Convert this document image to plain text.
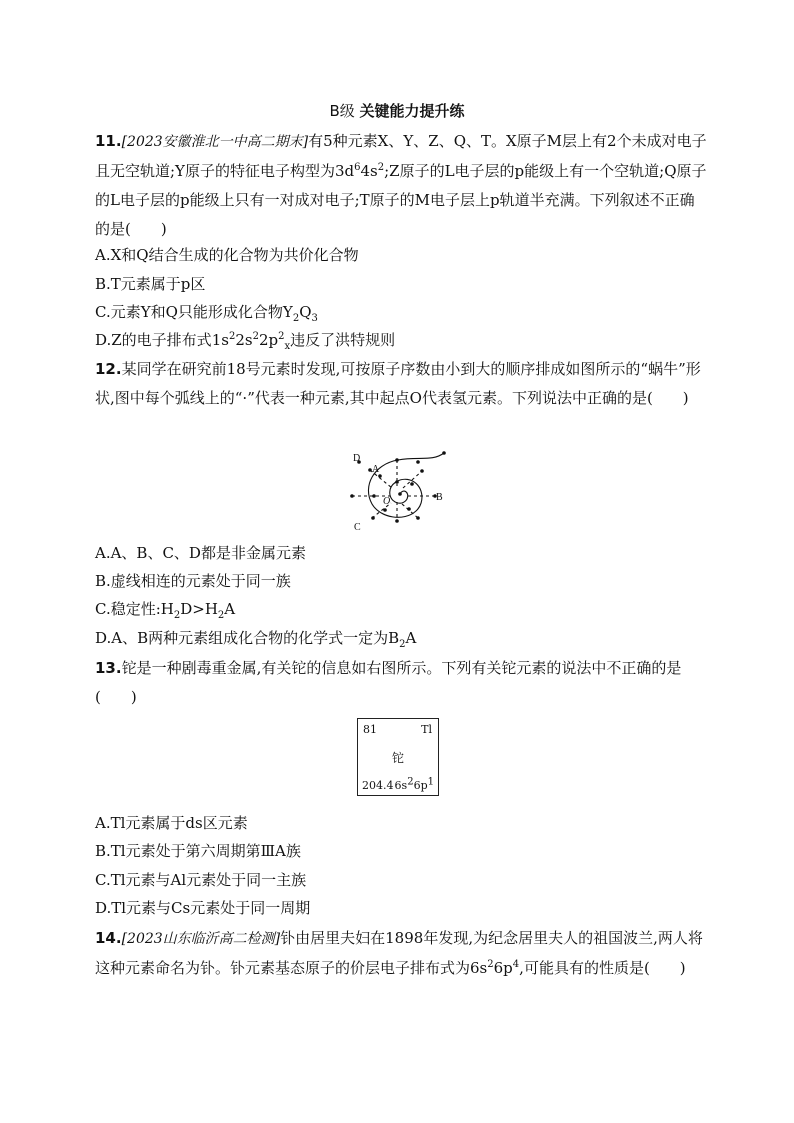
B级 关键能力提升练
11.[2023安徽淮北一中高二期末]有5种元素X、Y、Z、Q、T。X原子M层上有2个未成对电子且无空轨道;Y原子的特征电子构型为$3d^64s^2;Z$原子的L电子层的p能级上有一个空轨道;Q原子的L电子层的p能级上只有一对成对电子;T原子的M电子层上p轨道半充满。下列叙述不正确的是(　　)
A.X和Q结合生成的化合物为共价化合物
B.T元素属于p区
C.元素Y和Q只能形成化合物$Y_2Q_3$
D.Z的电子排布式$1s^22s^22p^2_x$违反了洪特规则
12.某同学在研究前18号元素时发现,可按原子序数由小到大的顺序排成如图所示的“蜗牛”形状,图中每个弧线上的“·”代表一种元素,其中起点O代表氢元素。下列说法中正确的是(　　)
D
A
B
C
O
A.A、B、C、D都是非金属元素
B.虚线相连的元素处于同一族
C.稳定性$:H_2D>H_2A$
D.A、B两种元素组成化合物的化学式一定为$B_2A$
13.铊是一种剧毒重金属,有关铊的信息如右图所示。下列有关铊元素的说法中不正确的是(　　)
81	Tl
铊
204.4 $6s^26p^1$
A.Tl元素属于ds区元素
B.Tl元素处于第六周期第ⅢA族
C.Tl元素与Al元素处于同一主族
D.Tl元素与Cs元素处于同一周期
14.[2023山东临沂高二检测]钋由居里夫妇在1898年发现,为纪念居里夫人的祖国波兰,两人将这种元素命名为钋。钋元素基态原子的价层电子排布式为$6s^26p^4$,可能具有的性质是(　　)
